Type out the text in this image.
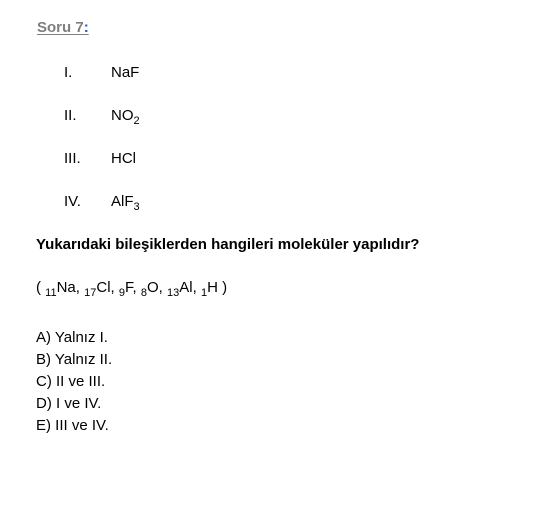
Soru 7:
I.	NaF
II.	$NO_2$
III.	HCl
IV.	AlF$_3$
Yukarıdaki bileşiklerden hangileri moleküler yapılıdır?
( $_{11}$Na, $_{17}$Cl, $_9$F, $_8$O, $_{13}$Al, $_1$H )
A) Yalnız I.
B) Yalnız II.
C) II ve III.
D) I ve IV.
E) III ve IV.
